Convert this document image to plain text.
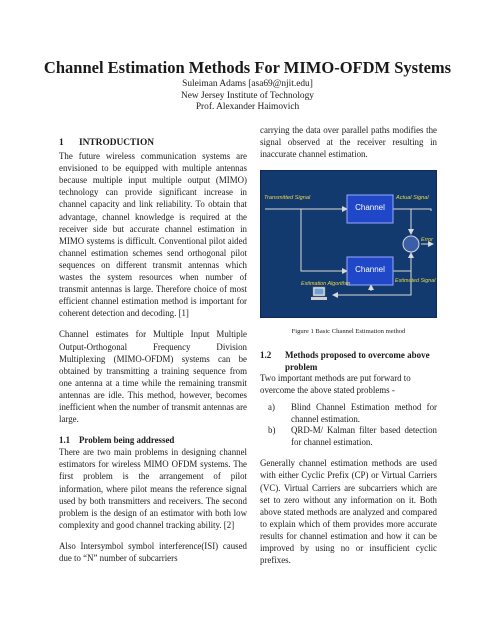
Channel Estimation Methods For MIMO-OFDM Systems
Suleiman Adams [asa69@njit.edu]
New Jersey Institute of Technology
Prof. Alexander Haimovich
1 INTRODUCTION

The future wireless communication systems are envisioned to be equipped with multiple antennas because multiple input multiple output (MIMO) technology can provide significant increase in channel capacity and link reliability. To obtain that advantage, channel knowledge is required at the receiver side but accurate channel estimation in MIMO systems is difficult. Conventional pilot aided channel estimation schemes send orthogonal pilot sequences on different transmit antennas which wastes the system resources when number of transmit antennas is large. Therefore choice of most efficient channel estimation method is important for coherent detection and decoding. [1]

Channel estimates for Multiple Input Multiple Output-Orthogonal Frequency Division Multiplexing (MIMO-OFDM) systems can be obtained by transmitting a training sequence from one antenna at a time while the remaining transmit antennas are idle. This method, however, becomes inefficient when the number of transmit antennas are large.

1.1 Problem being addressed

There are two main problems in designing channel estimators for wireless MIMO OFDM systems. The first problem is the arrangement of pilot information, where pilot means the reference signal used by both transmitters and receivers. The second problem is the design of an estimator with both low complexity and good channel tracking ability. [2]

Also Intersymbol symbol interference(ISI) caused due to “N” number of subcarriers

carrying the data over parallel paths modifies the signal observed at the receiver resulting in inaccurate channel estimation.

Transmitted Signal	Actual Signal
Channel
Channel
Error
Estimated Signal
Estimation Algorithm
Figure 1 Basic Channel Estimation method
1.2	Methods proposed to overcome above problem

Two important methods are put forward to overcome the above stated problems -

a)	Blind Channel Estimation method for channel estimation.
b)	QRD-M/ Kalman filter based detection for channel estimation.

Generally channel estimation methods are used with either Cyclic Prefix (CP) or Virtual Carriers (VC). Virtual Carriers are subcarriers which are set to zero without any information on it. Both above stated methods are analyzed and compared to explain which of them provides more accurate results for channel estimation and how it can be improved by using no or insufficient cyclic prefixes.
